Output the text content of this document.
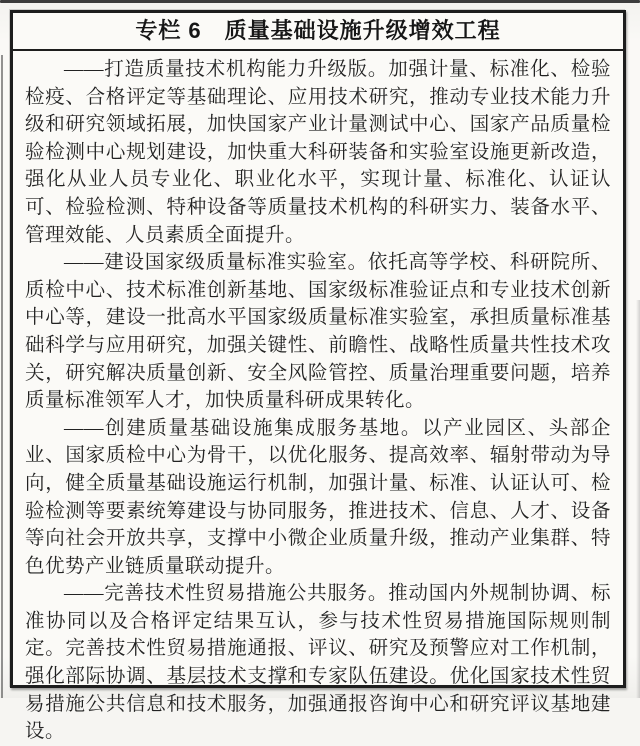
专栏 6　质量基础设施升级增效工程

——打造质量技术机构能力升级版。加强计量、标准化、检验检疫、合格评定等基础理论、应用技术研究，推动专业技术能力升级和研究领域拓展，加快国家产业计量测试中心、国家产品质量检验检测中心规划建设，加快重大科研装备和实验室设施更新改造，强化从业人员专业化、职业化水平，实现计量、标准化、认证认可、检验检测、特种设备等质量技术机构的科研实力、装备水平、管理效能、人员素质全面提升。

——建设国家级质量标准实验室。依托高等学校、科研院所、质检中心、技术标准创新基地、国家级标准验证点和专业技术创新中心等，建设一批高水平国家级质量标准实验室，承担质量标准基础科学与应用研究，加强关键性、前瞻性、战略性质量共性技术攻关，研究解决质量创新、安全风险管控、质量治理重要问题，培养质量标准领军人才，加快质量科研成果转化。

——创建质量基础设施集成服务基地。以产业园区、头部企业、国家质检中心为骨干，以优化服务、提高效率、辐射带动为导向，健全质量基础设施运行机制，加强计量、标准、认证认可、检验检测等要素统筹建设与协同服务，推进技术、信息、人才、设备等向社会开放共享，支撑中小微企业质量升级，推动产业集群、特色优势产业链质量联动提升。

——完善技术性贸易措施公共服务。推动国内外规制协调、标准协同以及合格评定结果互认，参与技术性贸易措施国际规则制定。完善技术性贸易措施通报、评议、研究及预警应对工作机制，强化部际协调、基层技术支撑和专家队伍建设。优化国家技术性贸易措施公共信息和技术服务，加强通报咨询中心和研究评议基地建设。
